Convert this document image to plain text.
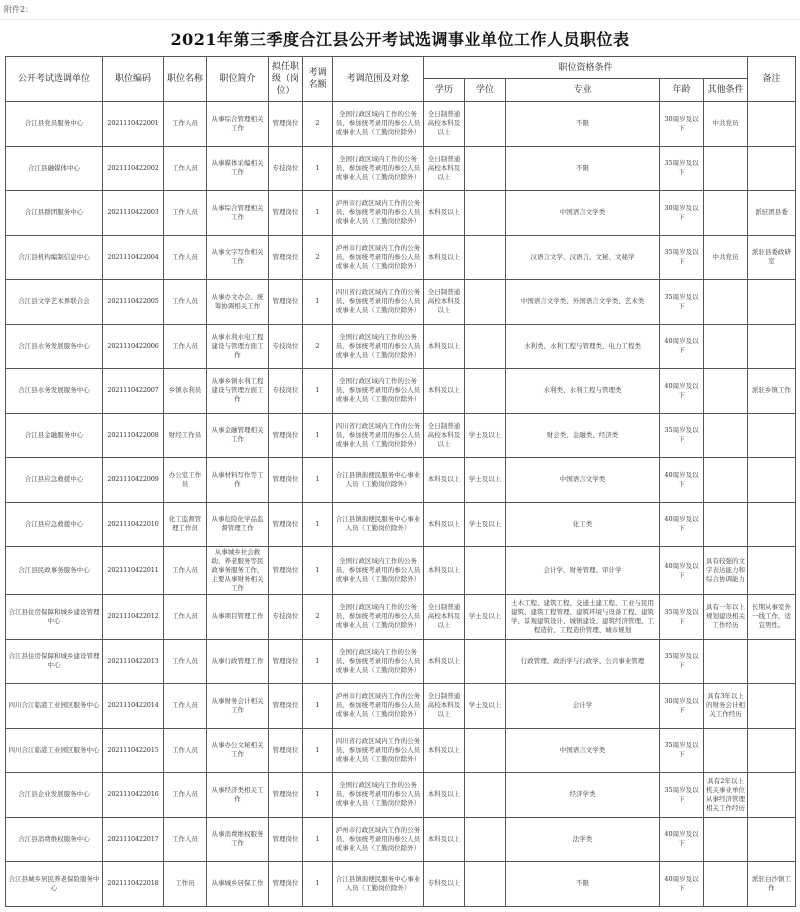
附件2：
2021年第三季度合江县公开考试选调事业单位工作人员职位表
公开考试选调单位	职位编码	职位名称	职位简介	拟任职级（岗位）	考调名额	考调范围及对象	职位资格条件					备注
							学历	学位	专业	年龄	其他条件	
合江县党员服务中心	2021110422001	工作人员	从事综合管理相关工作	管理岗位	2	全国行政区域内工作的公务员、参加统考录用的参公人员或事业人员（工勤岗位除外）	全日制普通高校本科及以上		不限	30周岁及以下	中共党员	
合江县融媒体中心	2021110422002	工作人员	从事媒体采编相关工作	专技岗位	1	全国行政区域内工作的公务员、参加统考录用的参公人员或事业人员（工勤岗位除外）	全日制普通高校本科及以上		不限	35周岁及以下		
合江县群团服务中心	2021110422003	工作人员	从事综合管理相关工作	管理岗位	1	泸州市行政区域内工作的公务员、参加统考录用的参公人员或事业人员（工勤岗位除外）	本科及以上		中国语言文学类	30周岁及以下		派驻团县委
合江县机构编制信息中心	2021110422004	工作人员	从事文字写作相关工作	管理岗位	2	泸州市行政区域内工作的公务员、参加统考录用的参公人员或事业人员（工勤岗位除外）	本科及以上		汉语言文学、汉语言、文秘、文秘学	35周岁及以下	中共党员	派驻县委政研室
合江县文学艺术界联合会	2021110422005	工作人员	从事办文办会、统筹协调相关工作	管理岗位	1	四川省行政区域内工作的公务员、参加统考录用的参公人员或事业人员（工勤岗位除外）	全日制普通高校本科及以上		中国语言文学类、外国语言文学类、艺术类	35周岁及以下		
合江县水务发展服务中心	2021110422006	工作人员	从事水利水电工程建设与管理方面工作	专技岗位	2	全国行政区域内工作的公务员、参加统考录用的参公人员或事业人员（工勤岗位除外）	本科及以上		水利类、水利工程与管理类、电力工程类	40周岁及以下		
合江县水务发展服务中心	2021110422007	乡镇水利员	从事乡镇水利工程建设与管理方面工作	专技岗位	1	全国行政区域内工作的公务员、参加统考录用的参公人员或事业人员（工勤岗位除外）	本科及以上		水利类、水利工程与管理类	40周岁及以下		派驻乡镇工作
合江县金融服务中心	2021110422008	财经工作员	从事金融管理相关工作	管理岗位	1	四川省行政区域内工作的公务员、参加统考录用的参公人员或事业人员（工勤岗位除外）	全日制普通高校本科及以上	学士及以上	财会类、金融类、经济类	35周岁及以下		
合江县应急救援中心	2021110422009	办公室工作员	从事材料写作等工作	管理岗位	1	合江县镇街便民服务中心事业人员（工勤岗位除外）	本科及以上	学士及以上	中国语言文学类	40周岁及以下		
合江县应急救援中心	2021110422010	化工监督管理工作员	从事危险化学品监督管理工作	管理岗位	1	合江县镇街便民服务中心事业人员（工勤岗位除外）	本科及以上	学士及以上	化工类	40周岁及以下		
合江县民政事务服务中心	2021110422011	工作人员	从事城乡社会救助、养老服务等民政事务服务工作，主要从事财务相关工作	管理岗位	1	全国行政区域内工作的公务员、参加统考录用的参公人员或事业人员（工勤岗位除外）	本科及以上		会计学、财务管理、审计学	40周岁及以下	具有较强的文字表达能力和综合协调能力	
合江县住房保障和城乡建设管理中心	2021110422012	工作人员	从事项目管理工作	专技岗位	2	全国行政区域内工作的公务员、参加统考录用的参公人员或事业人员（工勤岗位除外）	全日制普通高校本科及以上	学士及以上	土木工程、建筑工程、交通土建工程、工业与民用建筑、建筑工程管理、建筑环境与设备工程、建筑学、景观建筑设计、城镇建设、建筑经济管理、工程造价、工程造价管理、城市规划	35周岁及以下	具有一年以上规划建设相关工作经历	长期从事室外一线工作，适宜男性。
合江县住房保障和城乡建设管理中心	2021110422013	工作人员	从事行政管理工作	管理岗位	1	全国行政区域内工作的公务员、参加统考录用的参公人员或事业人员（工勤岗位除外）	本科及以上		行政管理、政治学与行政学、公共事业管理	35周岁及以下		
四川合江临港工业园区服务中心	2021110422014	工作人员	从事财务会计相关工作	管理岗位	1	泸州市行政区域内工作的公务员、参加统考录用的参公人员或事业人员（工勤岗位除外）	全日制普通高校本科及以上	学士及以上	会计学	30周岁及以下	具有3年以上的财务会计相关工作经历	
四川合江临港工业园区服务中心	2021110422015	工作人员	从事办公文秘相关工作	管理岗位	1	四川省行政区域内工作的公务员、参加统考录用的参公人员或事业人员（工勤岗位除外）	本科及以上		中国语言文学类	35周岁及以下		
合江县企业发展服务中心	2021110422016	工作人员	从事经济类相关工作	管理岗位	1	全国行政区域内工作的公务员、参加统考录用的参公人员或事业人员（工勤岗位除外）	本科及以上		经济学类	35周岁及以下	具有2年以上机关事业单位从事经济管理相关工作经历	
合江县消费维权服务中心	2021110422017	工作人员	从事消费维权服务工作	管理岗位	1	泸州市行政区域内工作的公务员、参加统考录用的参公人员或事业人员（工勤岗位除外）	本科及以上		法学类	40周岁及以下		
合江县城乡居民养老保险服务中心	2021110422018	工作员	从事城乡居保工作	管理岗位	1	合江县镇街便民服务中心事业人员（工勤岗位除外）	专科及以上		不限	40周岁及以下		派驻白沙镇工作
